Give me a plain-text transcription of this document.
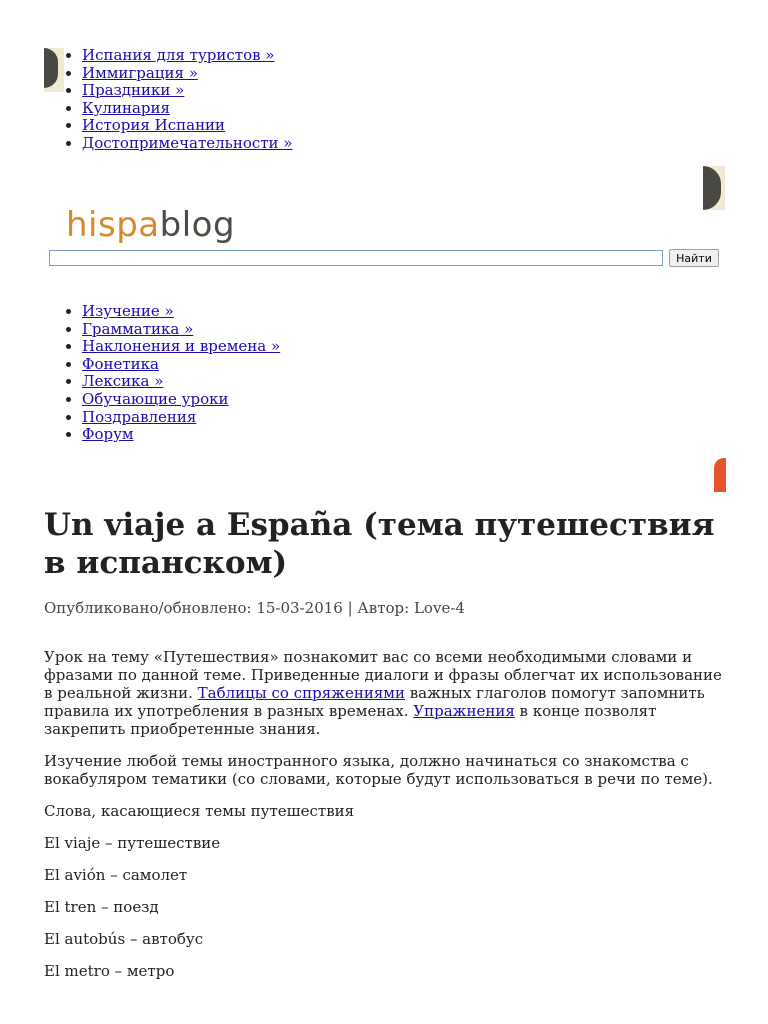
• Испания для туристов »
• Иммиграция »
• Праздники »
• Кулинария
• История Испании
• Достопримечательности »
hispablog
Найти
• Изучение »
• Грамматика »
• Наклонения и времена »
• Фонетика
• Лексика »
• Обучающие уроки
• Поздравления
• Форум
Un viaje a España (тема путешествия в испанском)
Опубликовано/обновлено: 15-03-2016 | Автор: Love-4

Урок на тему «Путешествия» познакомит вас со всеми необходимыми словами и фразами по данной теме. Приведенные диалоги и фразы облегчат их использование в реальной жизни. Таблицы со спряжениями важных глаголов помогут запомнить правила их употребления в разных временах. Упражнения в конце позволят закрепить приобретенные знания.

Изучение любой темы иностранного языка, должно начинаться со знакомства с вокабуляром тематики (со словами, которые будут использоваться в речи по теме).

Слова, касающиеся темы путешествия

El viaje – путешествие

El avión – самолет

El tren – поезд

El autobús – автобус

El metro – метро
